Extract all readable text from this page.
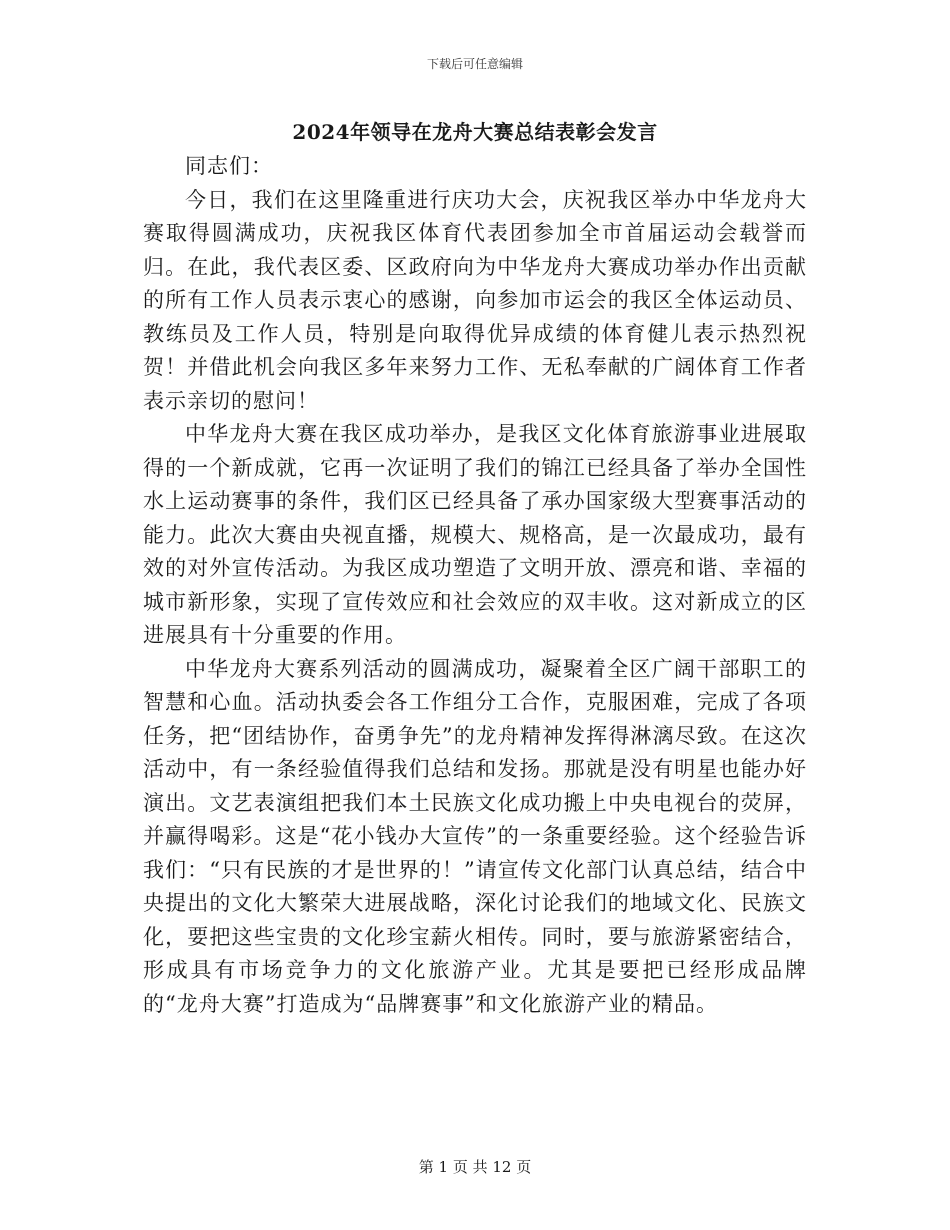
下载后可任意编辑
2024年领导在龙舟大赛总结表彰会发言

同志们：

今日，我们在这里隆重进行庆功大会，庆祝我区举办中华龙舟大赛取得圆满成功，庆祝我区体育代表团参加全市首届运动会载誉而归。在此，我代表区委、区政府向为中华龙舟大赛成功举办作出贡献的所有工作人员表示衷心的感谢，向参加市运会的我区全体运动员、教练员及工作人员，特别是向取得优异成绩的体育健儿表示热烈祝贺！并借此机会向我区多年来努力工作、无私奉献的广阔体育工作者表示亲切的慰问！

中华龙舟大赛在我区成功举办，是我区文化体育旅游事业进展取得的一个新成就，它再一次证明了我们的锦江已经具备了举办全国性水上运动赛事的条件，我们区已经具备了承办国家级大型赛事活动的能力。此次大赛由央视直播，规模大、规格高，是一次最成功，最有效的对外宣传活动。为我区成功塑造了文明开放、漂亮和谐、幸福的城市新形象，实现了宣传效应和社会效应的双丰收。这对新成立的区进展具有十分重要的作用。

中华龙舟大赛系列活动的圆满成功，凝聚着全区广阔干部职工的智慧和心血。活动执委会各工作组分工合作，克服困难，完成了各项任务，把“团结协作，奋勇争先”的龙舟精神发挥得淋漓尽致。在这次活动中，有一条经验值得我们总结和发扬。那就是没有明星也能办好演出。文艺表演组把我们本土民族文化成功搬上中央电视台的荧屏，并赢得喝彩。这是“花小钱办大宣传”的一条重要经验。这个经验告诉我们：“只有民族的才是世界的！”请宣传文化部门认真总结，结合中央提出的文化大繁荣大进展战略，深化讨论我们的地域文化、民族文化，要把这些宝贵的文化珍宝薪火相传。同时，要与旅游紧密结合，形成具有市场竞争力的文化旅游产业。尤其是要把已经形成品牌的“龙舟大赛”打造成为“品牌赛事”和文化旅游产业的精品。

第 1 页 共 12 页
